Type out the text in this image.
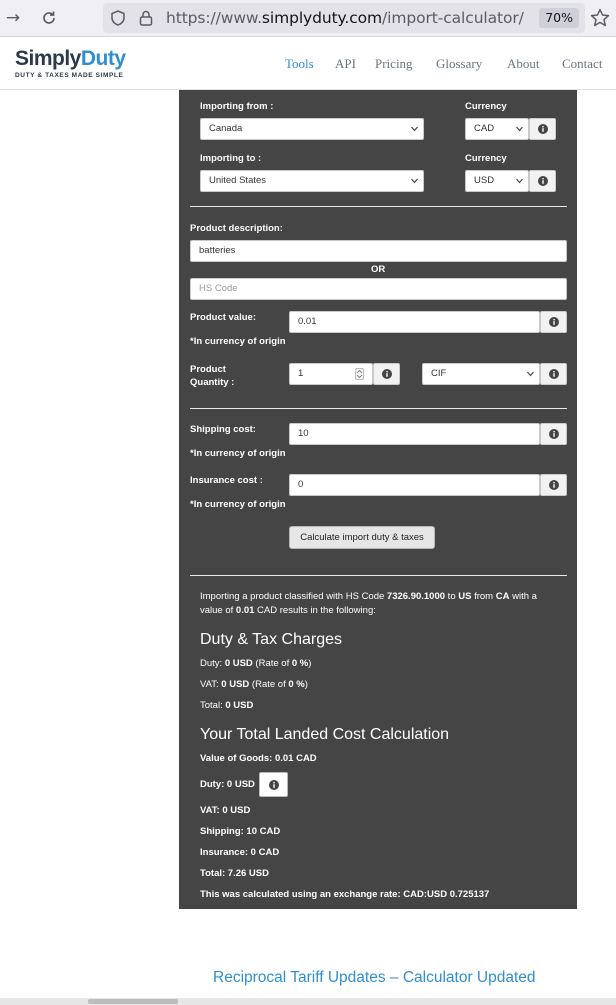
→	https://www.simplyduty.com/import-calculator/	70%
SimplyDuty
DUTY & TAXES MADE SIMPLE
Tools API Pricing Glossary About Contact
Importing from :
Canada
Currency
CAD
Importing to :
United States
Currency
USD
Product description:
batteries
OR
HS Code
Product value:
*In currency of origin
0.01
Product
Quantity :
1	CIF
Shipping cost:
*In currency of origin
10
Insurance cost :
*In currency of origin
0
Calculate import duty & taxes
Importing a product classified with HS Code 7326.90.1000 to US from CA with a value of 0.01 CAD results in the following:
Duty & Tax Charges
Duty: 0 USD (Rate of 0 %)
VAT: 0 USD (Rate of 0 %)
Total: 0 USD
Your Total Landed Cost Calculation
Value of Goods: 0.01 CAD
Duty: 0 USD
VAT: 0 USD
Shipping: 10 CAD
Insurance: 0 CAD
Total: 7.26 USD
This was calculated using an exchange rate: CAD:USD 0.725137
Reciprocal Tariff Updates – Calculator Updated
